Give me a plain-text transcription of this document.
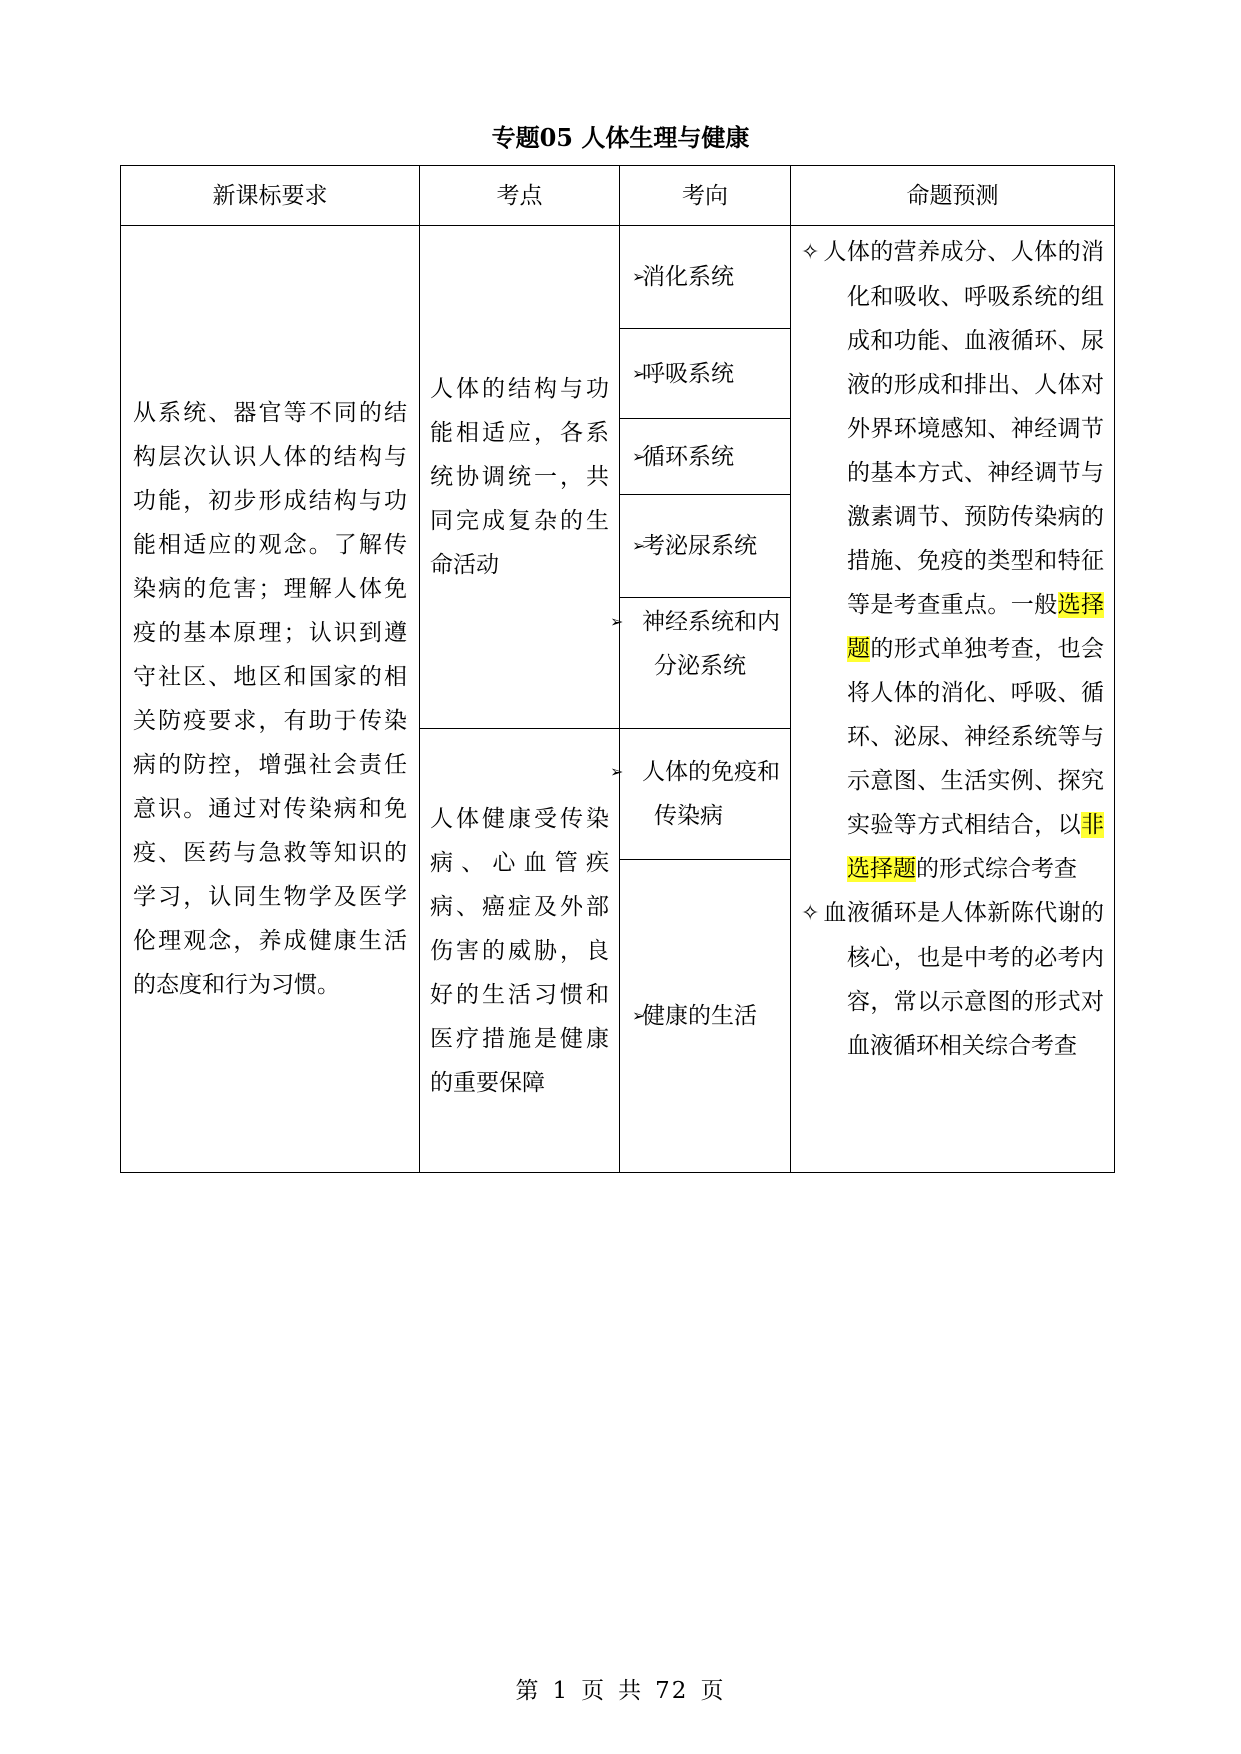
专题05 人体生理与健康
新课标要求	考点	考向	命题预测
从系统、器官等不同的结构层次认识人体的结构与功能，初步形成结构与功能相适应的观念。了解传染病的危害；理解人体免疫的基本原理；认识到遵守社区、地区和国家的相关防疫要求，有助于传染病的防控，增强社会责任意识。通过对传染病和免疫、医药与急救等知识的学习，认同生物学及医学伦理观念，养成健康生活的态度和行为习惯。	人体的结构与功能相适应，各系统协调统一，共同完成复杂的生命活动	➢消化系统	✧ 人体的营养成分、人体的消化和吸收、呼吸系统的组成和功能、血液循环、尿液的形成和排出、人体对外界环境感知、神经调节的基本方式、神经调节与激素调节、预防传染病的措施、免疫的类型和特征等是考查重点。一般选择题的形式单独考查，也会将人体的消化、呼吸、循环、泌尿、神经系统等与示意图、生活实例、探究实验等方式相结合，以非选择题的形式综合考查

✧ 血液循环是人体新陈代谢的核心，也是中考的必考内容，常以示意图的形式对血液循环相关综合考查

		➢呼吸系统	
		➢循环系统	
		➢考泌尿系统	
		➢ 神经系统和内分泌系统	
	人体健康受传染病、心血管疾病、癌症及外部伤害的威胁，良好的生活习惯和医疗措施是健康的重要保障	➢ 人体的免疫和传染病	
		➢健康的生活	
第 1 页 共 72 页
